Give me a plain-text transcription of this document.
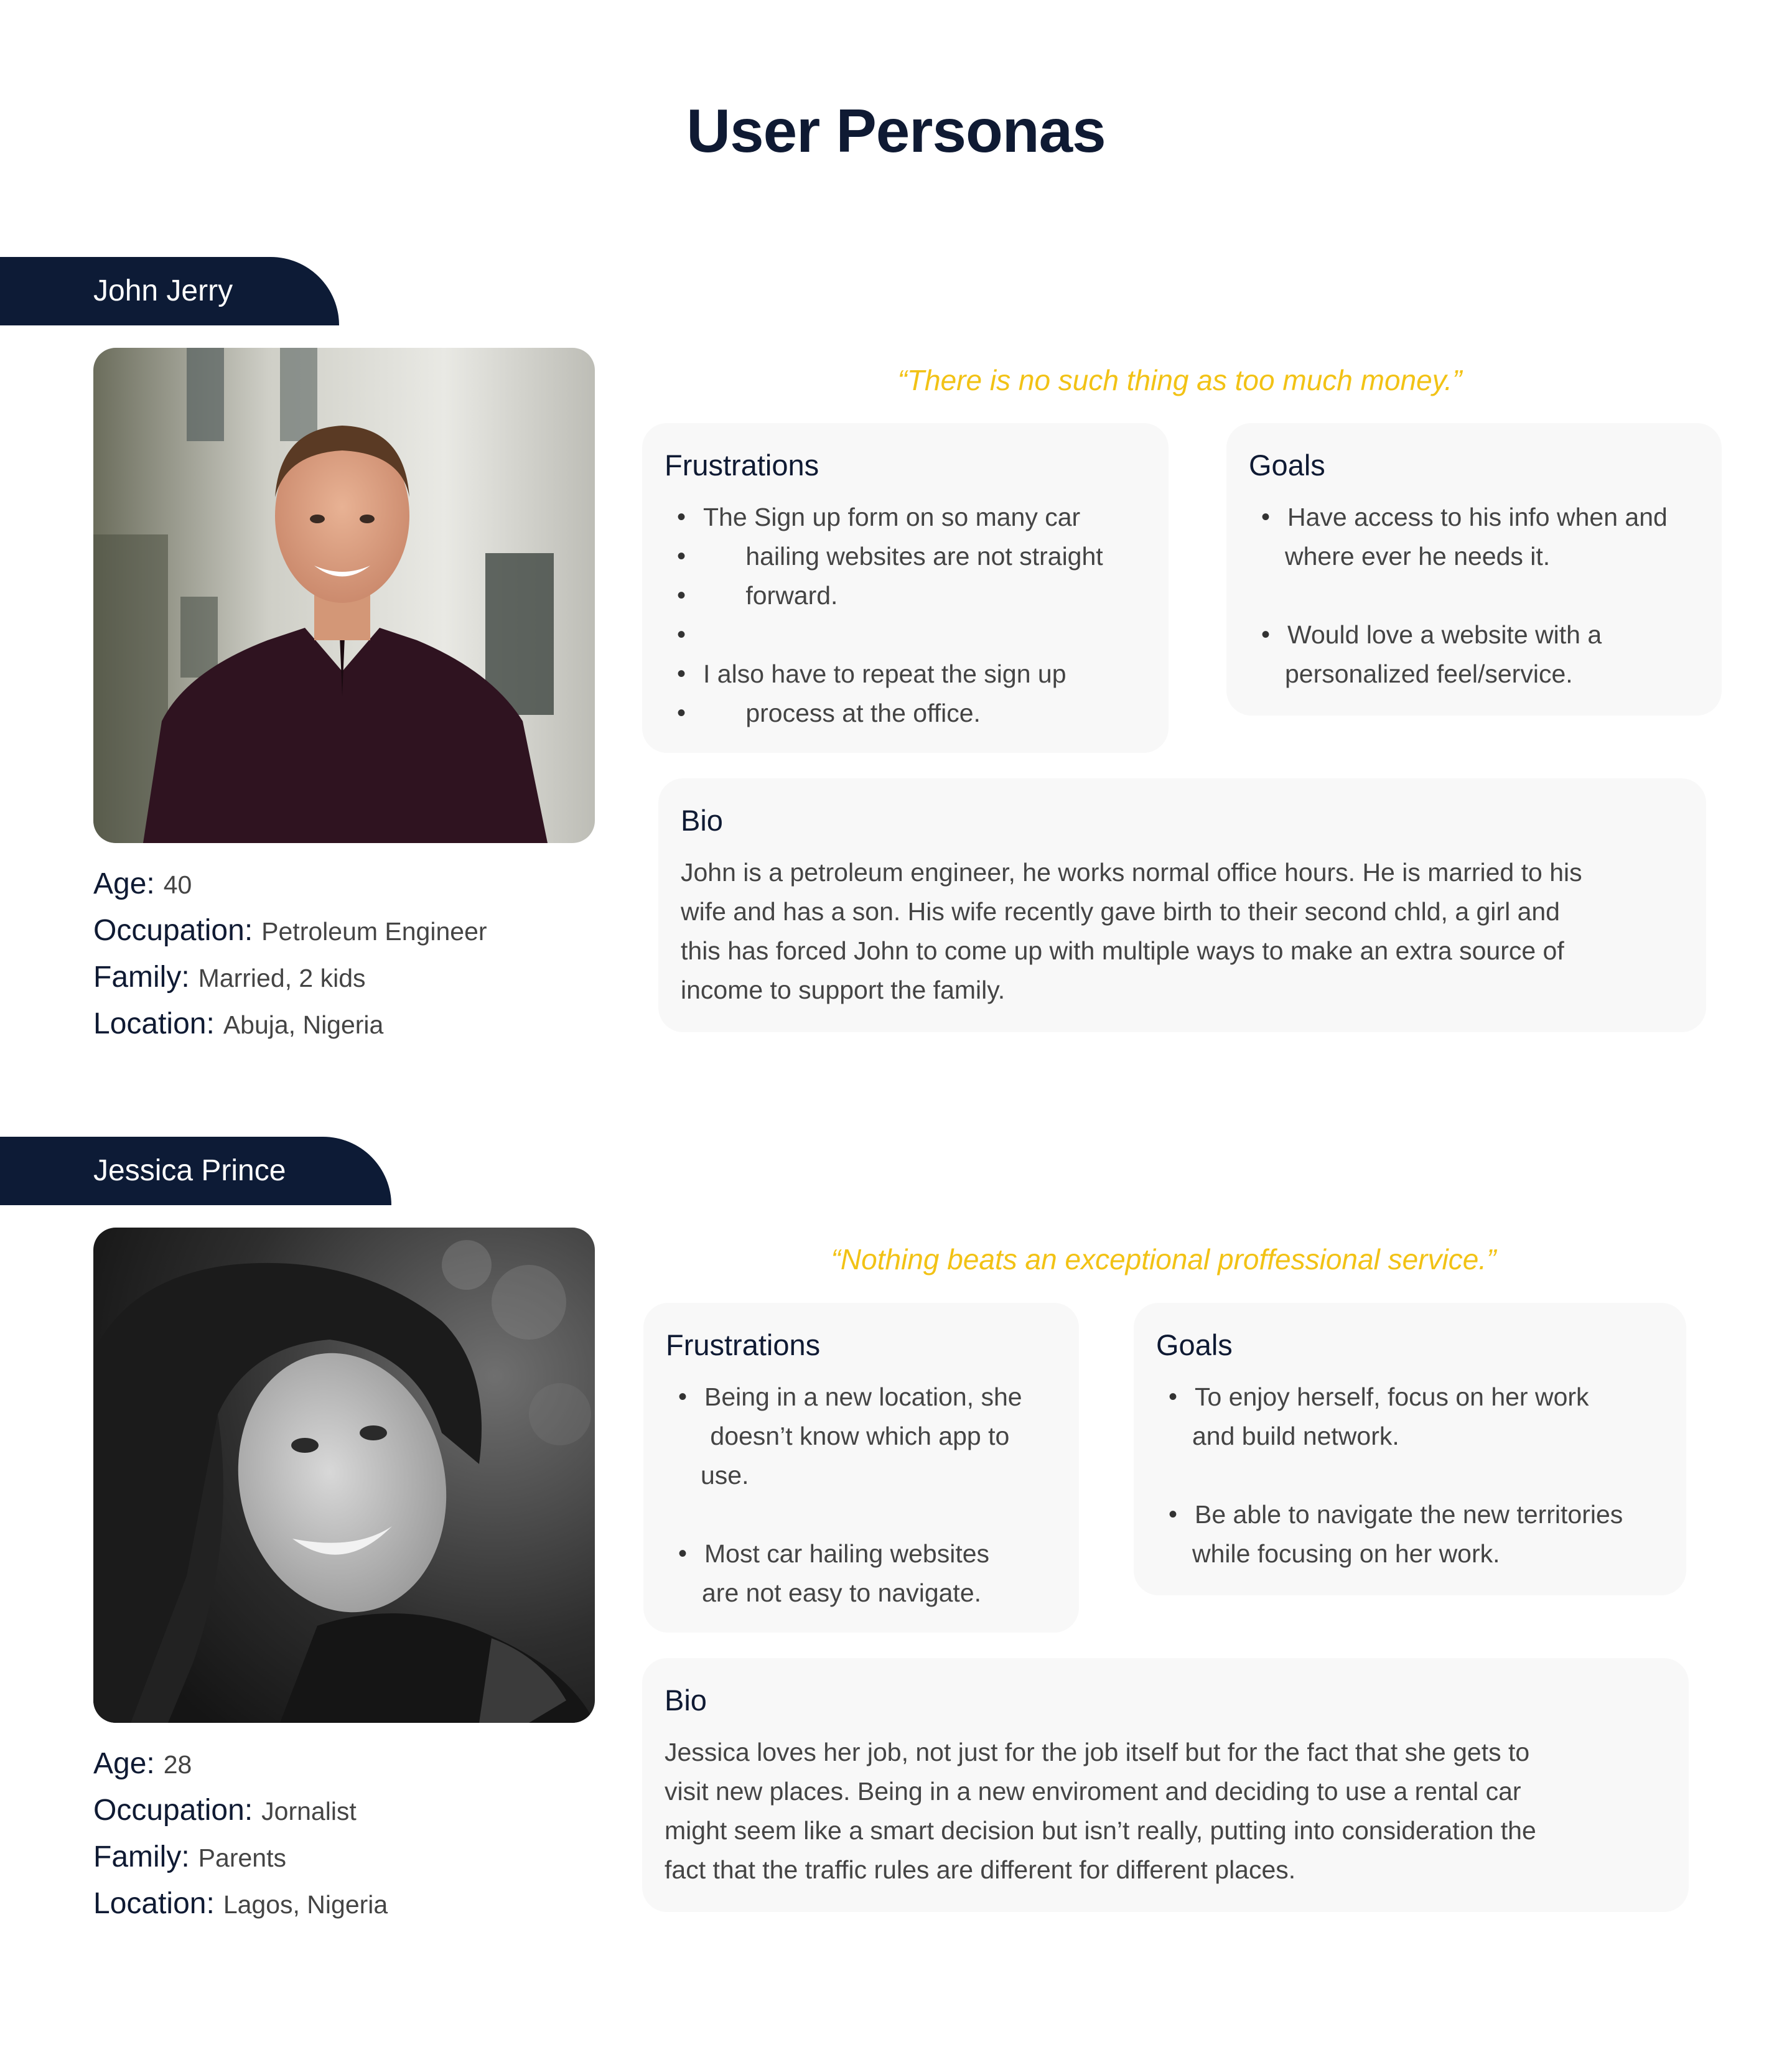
User Personas
John Jerry
Age: 40
Occupation: Petroleum Engineer
Family: Married, 2 kids
Location: Abuja, Nigeria
“There is no such thing as too much money.”
Frustrations
• The Sign up form on so many car
•       hailing websites are not straight
•       forward.
•
• I also have to repeat the sign up
•       process at the office.
Goals
• Have access to his info when and
where ever he needs it.
• Would love a website with a
personalized feel/service.
Bio
John is a petroleum engineer, he works normal office hours. He is married to his
wife and has a son. His wife recently gave birth to their second chld, a girl and
this has forced John to come up with multiple ways to make an extra source of
income to support the family.
Jessica Prince
Age: 28
Occupation: Jornalist
Family: Parents
Location: Lagos, Nigeria
“Nothing beats an exceptional proffessional service.”
Frustrations
• Being in a new location, she
doesn’t know which app to
use.
• Most car hailing websites
are not easy to navigate.
Goals
• To enjoy herself, focus on her work
and build network.
• Be able to navigate the new territories
while focusing on her work.
Bio
Jessica loves her job, not just for the job itself but for the fact that she gets to
visit new places. Being in a new enviroment and deciding to use a rental car
might seem like a smart decision but isn’t really, putting into consideration the
fact that the traffic rules are different for different places.
